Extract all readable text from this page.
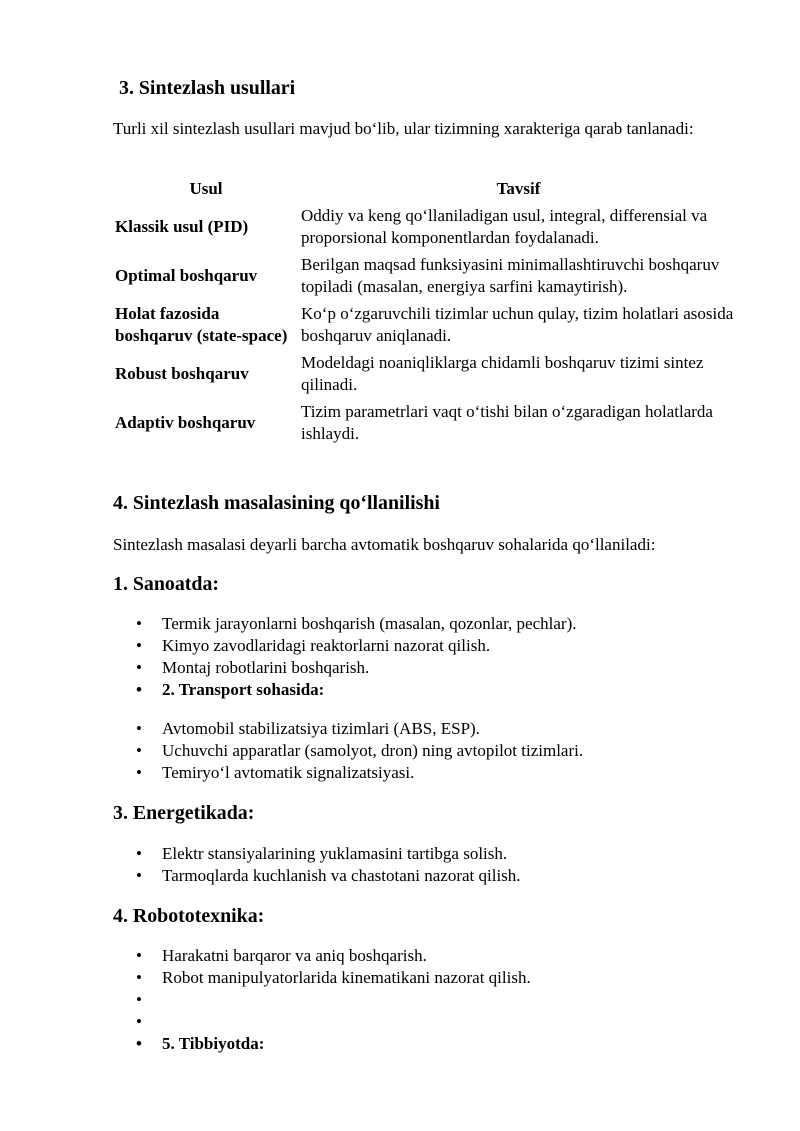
3. Sintezlash usullari

Turli xil sintezlash usullari mavjud bo‘lib, ular tizimning xarakteriga qarab tanlanadi:

Usul	Tavsif
Klassik usul (PID)	Oddiy va keng qo‘llaniladigan usul, integral, differensial va proporsional komponentlardan foydalanadi.
Optimal boshqaruv	Berilgan maqsad funksiyasini minimallashtiruvchi boshqaruv topiladi (masalan, energiya sarfini kamaytirish).
Holat fazosida boshqaruv (state-space)	Ko‘p o‘zgaruvchili tizimlar uchun qulay, tizim holatlari asosida boshqaruv aniqlanadi.
Robust boshqaruv	Modeldagi noaniqliklarga chidamli boshqaruv tizimi sintez qilinadi.
Adaptiv boshqaruv	Tizim parametrlari vaqt o‘tishi bilan o‘zgaradigan holatlarda ishlaydi.
4. Sintezlash masalasining qo‘llanilishi

Sintezlash masalasi deyarli barcha avtomatik boshqaruv sohalarida qo‘llaniladi:

1. Sanoatda:
• Termik jarayonlarni boshqarish (masalan, qozonlar, pechlar).
• Kimyo zavodlaridagi reaktorlarni nazorat qilish.
• Montaj robotlarini boshqarish.
• 2. Transport sohasida:
• Avtomobil stabilizatsiya tizimlari (ABS, ESP).
• Uchuvchi apparatlar (samolyot, dron) ning avtopilot tizimlari.
• Temiryo‘l avtomatik signalizatsiyasi.
3. Energetikada:
• Elektr stansiyalarining yuklamasini tartibga solish.
• Tarmoqlarda kuchlanish va chastotani nazorat qilish.
4. Robototexnika:
• Harakatni barqaror va aniq boshqarish.
• Robot manipulyatorlarida kinematikani nazorat qilish.
•
•
• 5. Tibbiyotda:
